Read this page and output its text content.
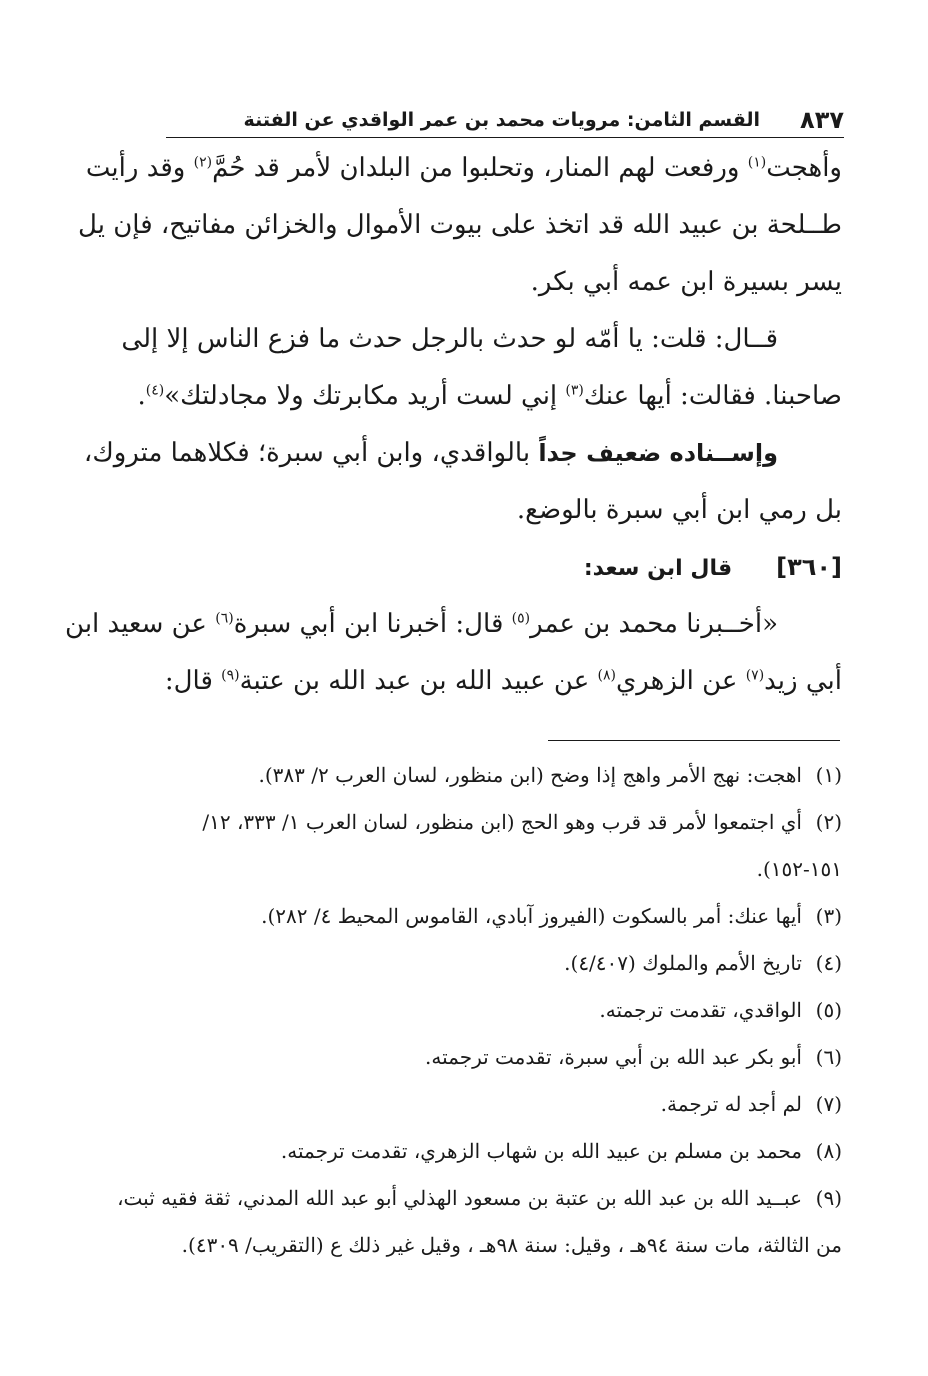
٨٣٧
القسم الثامن: مرويات محمد بن عمر الواقدي عن الفتنة
وأهجت$^{(١)}$ ورفعت لهم المنار، وتحلبوا من البلدان لأمر قد حُمَّ$^{(٢)}$ وقد رأيت
طــلحة بن عبيد الله قد اتخذ على بيوت الأموال والخزائن مفاتيح، فإن يل
يسر بسيرة ابن عمه أبي بكر.
قــال: قلت: يا أمّه لو حدث بالرجل حدث ما فزع الناس إلا إلى
صاحبنا. فقالت: أيها عنك$^{(٣)}$ إني لست أريد مكابرتك ولا مجادلتك»$^{(٤)}$.
وإســناده ضعيف جداً بالواقدي، وابن أبي سبرة؛ فكلاهما متروك،
بل رمي ابن أبي سبرة بالوضع.
[٣٦٠]قال ابن سعد:
«أخــبرنا محمد بن عمر$^{(٥)}$ قال: أخبرنا ابن أبي سبرة$^{(٦)}$ عن سعيد ابن
أبي زيد$^{(٧)}$ عن الزهري$^{(٨)}$ عن عبيد الله بن عبد الله بن عتبة$^{(٩)}$ قال:
(١)اهجت: نهج الأمر واهج إذا وضح (ابن منظور، لسان العرب ٢/ ٣٨٣).
(٢)أي اجتمعوا لأمر قد قرب وهو الحج (ابن منظور، لسان العرب ١/ ٣٣٣، ١٢/
١٥١-١٥٢).
(٣)أيها عنك: أمر بالسكوت (الفيروز آبادي، القاموس المحيط ٤/ ٢٨٢).
(٤)تاريخ الأمم والملوك (٤/٤٠٧).
(٥)الواقدي، تقدمت ترجمته.
(٦)أبو بكر عبد الله بن أبي سبرة، تقدمت ترجمته.
(٧)لم أجد له ترجمة.
(٨)محمد بن مسلم بن عبيد الله بن شهاب الزهري، تقدمت ترجمته.
(٩)عبــيد الله بن عبد الله بن عتبة بن مسعود الهذلي أبو عبد الله المدني، ثقة فقيه ثبت،
من الثالثة، مات سنة ٩٤هـ ، وقيل: سنة ٩٨هـ ، وقيل غير ذلك ع (التقريب/ ٤٣٠٩).
